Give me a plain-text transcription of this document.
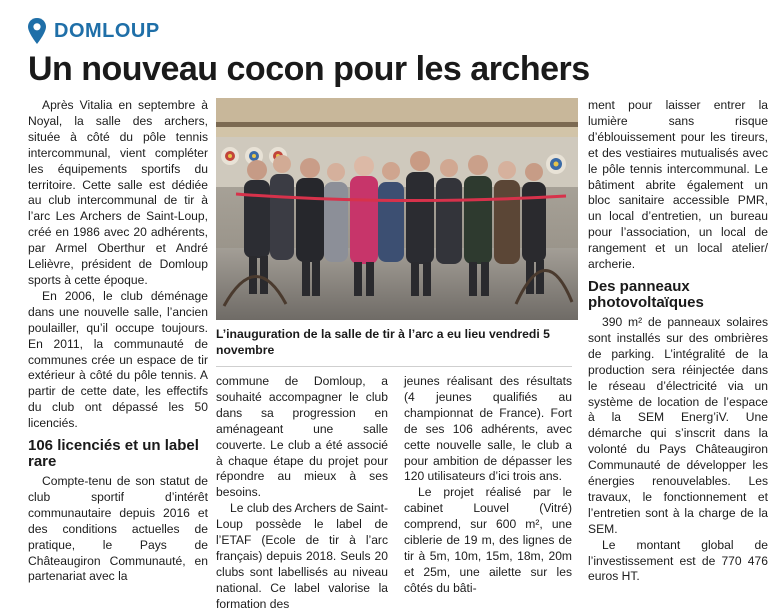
DOMLOUP
Un nouveau cocon pour les archers

Après Vitalia en septembre à Noyal, la salle des archers, située à côté du pôle tennis intercommunal, vient compléter les équipements sportifs du territoire. Cette salle est dédiée au club intercommunal de tir à l’arc Les Archers de Saint-Loup, créé en 1986 avec 20 adhérents, par Armel Oberthur et André Lelièvre, président de Domloup sports à cette époque.

En 2006, le club déménage dans une nouvelle salle, l’ancien poulailler, qu’il occupe toujours. En 2011, la communauté de communes crée un espace de tir extérieur à côté du pôle tennis. A partir de cette date, les effectifs du club ont dépassé les 50 licenciés.

106 licenciés et un label rare

Compte-tenu de son statut de club sportif d’intérêt communautaire depuis 2016 et des conditions actuelles de pratique, le Pays de Châteaugiron Communauté, en partenariat avec la

L’inauguration de la salle de tir à l’arc a eu lieu vendredi 5 novembre

commune de Domloup, a souhaité accompagner le club dans sa progression en aménageant une salle couverte. Le club a été associé à chaque étape du projet pour répondre au mieux à ses besoins.

Le club des Archers de Saint-Loup possède le label de l’ETAF (Ecole de tir à l’arc français) depuis 2018. Seuls 20 clubs sont labellisés au niveau national. Ce label valorise la formation des

jeunes réalisant des résultats (4 jeunes qualifiés au championnat de France). Fort de ses 106 adhérents, avec cette nouvelle salle, le club a pour ambition de dépasser les 120 utilisateurs d’ici trois ans.

Le projet réalisé par le cabinet Louvel (Vitré) comprend, sur 600 m², une ciblerie de 19 m, des lignes de tir à 5m, 10m, 15m, 18m, 20m et 25m, une ailette sur les côtés du bâti-

ment pour laisser entrer la lumière sans risque d’éblouissement pour les tireurs, et des vestiaires mutualisés avec le pôle tennis intercommunal. Le bâtiment abrite également un bloc sanitaire accessible PMR, un local d’entretien, un bureau pour l’association, un local de rangement et un local atelier/ archerie.

Des panneaux photovoltaïques

390 m² de panneaux solaires sont installés sur des ombrières de parking. L’intégralité de la production sera réinjectée dans le réseau d’électricité via un système de location de l’espace à la SEM Energ’iV. Une démarche qui s’inscrit dans la volonté du Pays Châteaugiron Communauté de développer les énergies renouvelables. Les travaux, le fonctionnement et l’entretien sont à la charge de la SEM.

Le montant global de l’investissement est de 770 476 euros HT.
